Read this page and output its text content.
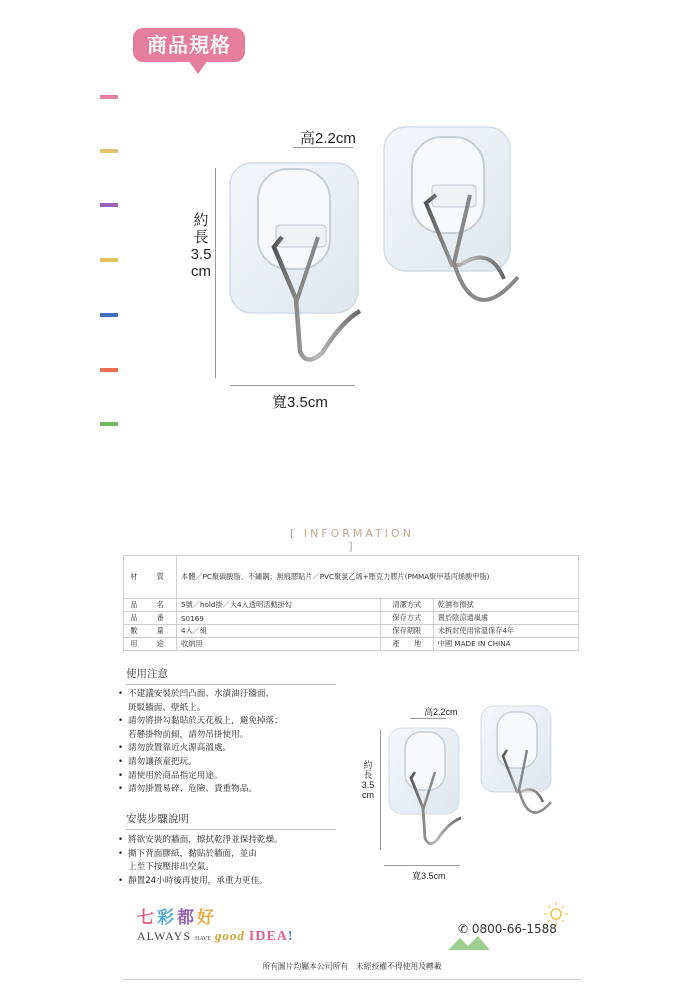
商品規格
高2.2cm
約
長
3.5
cm
寬3.5cm
[ INFORMATION ]
材　質	本體／PC聚碳酸脂、不鏽鋼；無痕膠貼片／PVC聚氯乙烯+壓克力膠片(PMMA聚甲基丙烯酸甲脂)		
品　名	5號／hold掛／大4入透明活動掛勾	清潔方式	乾濕布擦拭
品　番	S0169	保存方式	置於陰涼通風處
數　量	4入／組	保存期限	未拆封使用常溫保存4年
用　途	收納用	產　　地	中國 MADE IN CHINA
使用注意
• 不建議安裝於凹凸面、水漬油汙牆面、
斑駁牆面、壁紙上。
• 請勿將掛勾黏貼於天花板上，避免掉落；
若懸掛物前傾，請勿吊掛使用。
• 請勿放置靠近火源高溫處。
• 請勿讓孩童把玩。
• 請使用於商品指定用途。
• 請勿掛置易碎、危險、貴重物品。
安裝步驟說明
• 將欲安裝的牆面，擦拭乾淨並保持乾燥。
• 撕下背面膠紙，黏貼於牆面，並由
上至下按壓排出空氣。
• 靜置24小時後再使用，承重力更佳。
高2.2cm
約
長
3.5
cm
寬3.5cm
七彩都好
ALWAYS HAVE good IDEA!	✆ 0800-66-1588
所有圖片均屬本公司所有　未經授權不得使用及轉載
